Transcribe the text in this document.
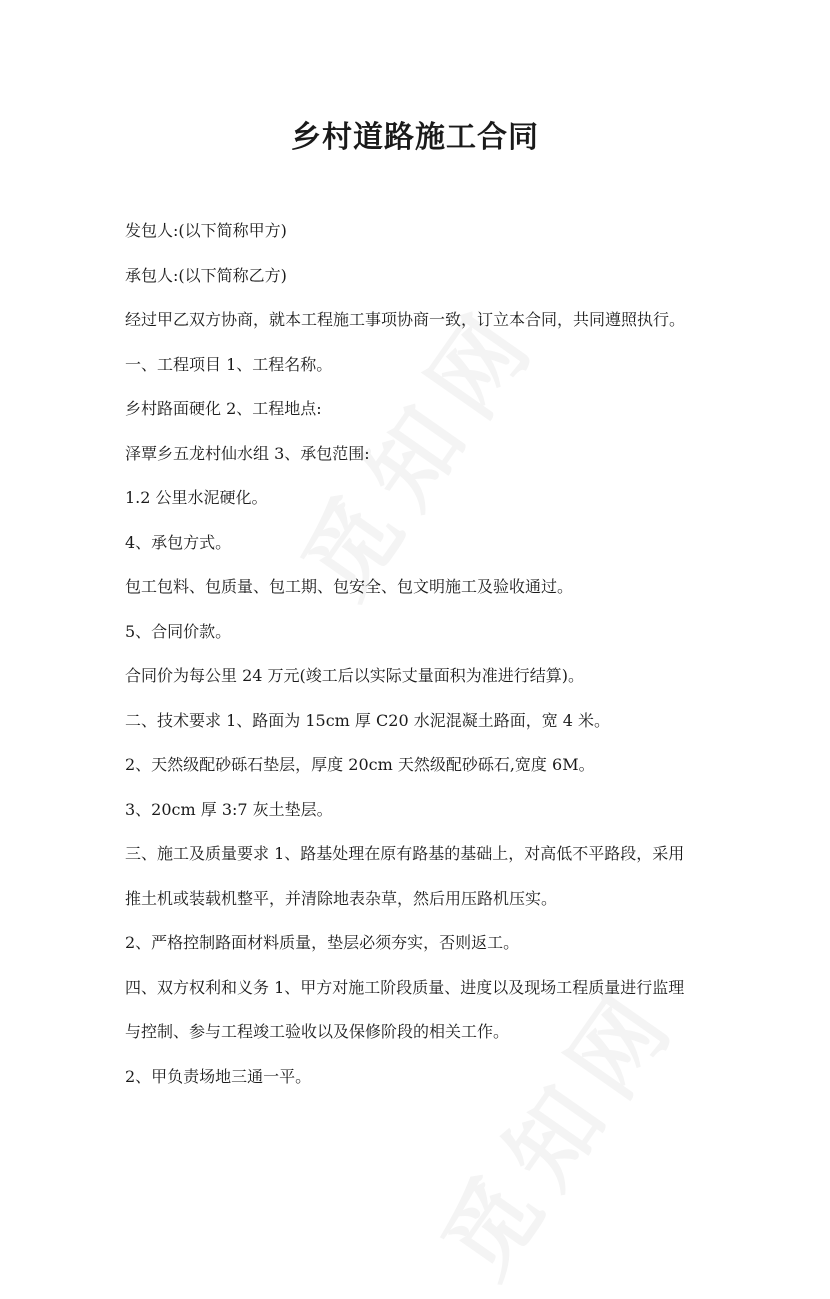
乡村道路施工合同
发包人:(以下简称甲方)
承包人:(以下简称乙方)
经过甲乙双方协商，就本工程施工事项协商一致，订立本合同，共同遵照执行。
一、工程项目 1、工程名称。
乡村路面硬化 2、工程地点:
泽覃乡五龙村仙水组 3、承包范围:
1.2 公里水泥硬化。
4、承包方式。
包工包料、包质量、包工期、包安全、包文明施工及验收通过。
5、合同价款。
合同价为每公里 24 万元(竣工后以实际丈量面积为准进行结算)。
二、技术要求 1、路面为 15cm 厚 C20 水泥混凝土路面，宽 4 米。
2、天然级配砂砾石垫层，厚度 20cm 天然级配砂砾石,宽度 6M。
3、20cm 厚 3:7 灰土垫层。
三、施工及质量要求 1、路基处理在原有路基的基础上，对高低不平路段，采用
推土机或装载机整平，并清除地表杂草，然后用压路机压实。
2、严格控制路面材料质量，垫层必须夯实，否则返工。
四、双方权利和义务 1、甲方对施工阶段质量、进度以及现场工程质量进行监理
与控制、参与工程竣工验收以及保修阶段的相关工作。
2、甲负责场地三通一平。
